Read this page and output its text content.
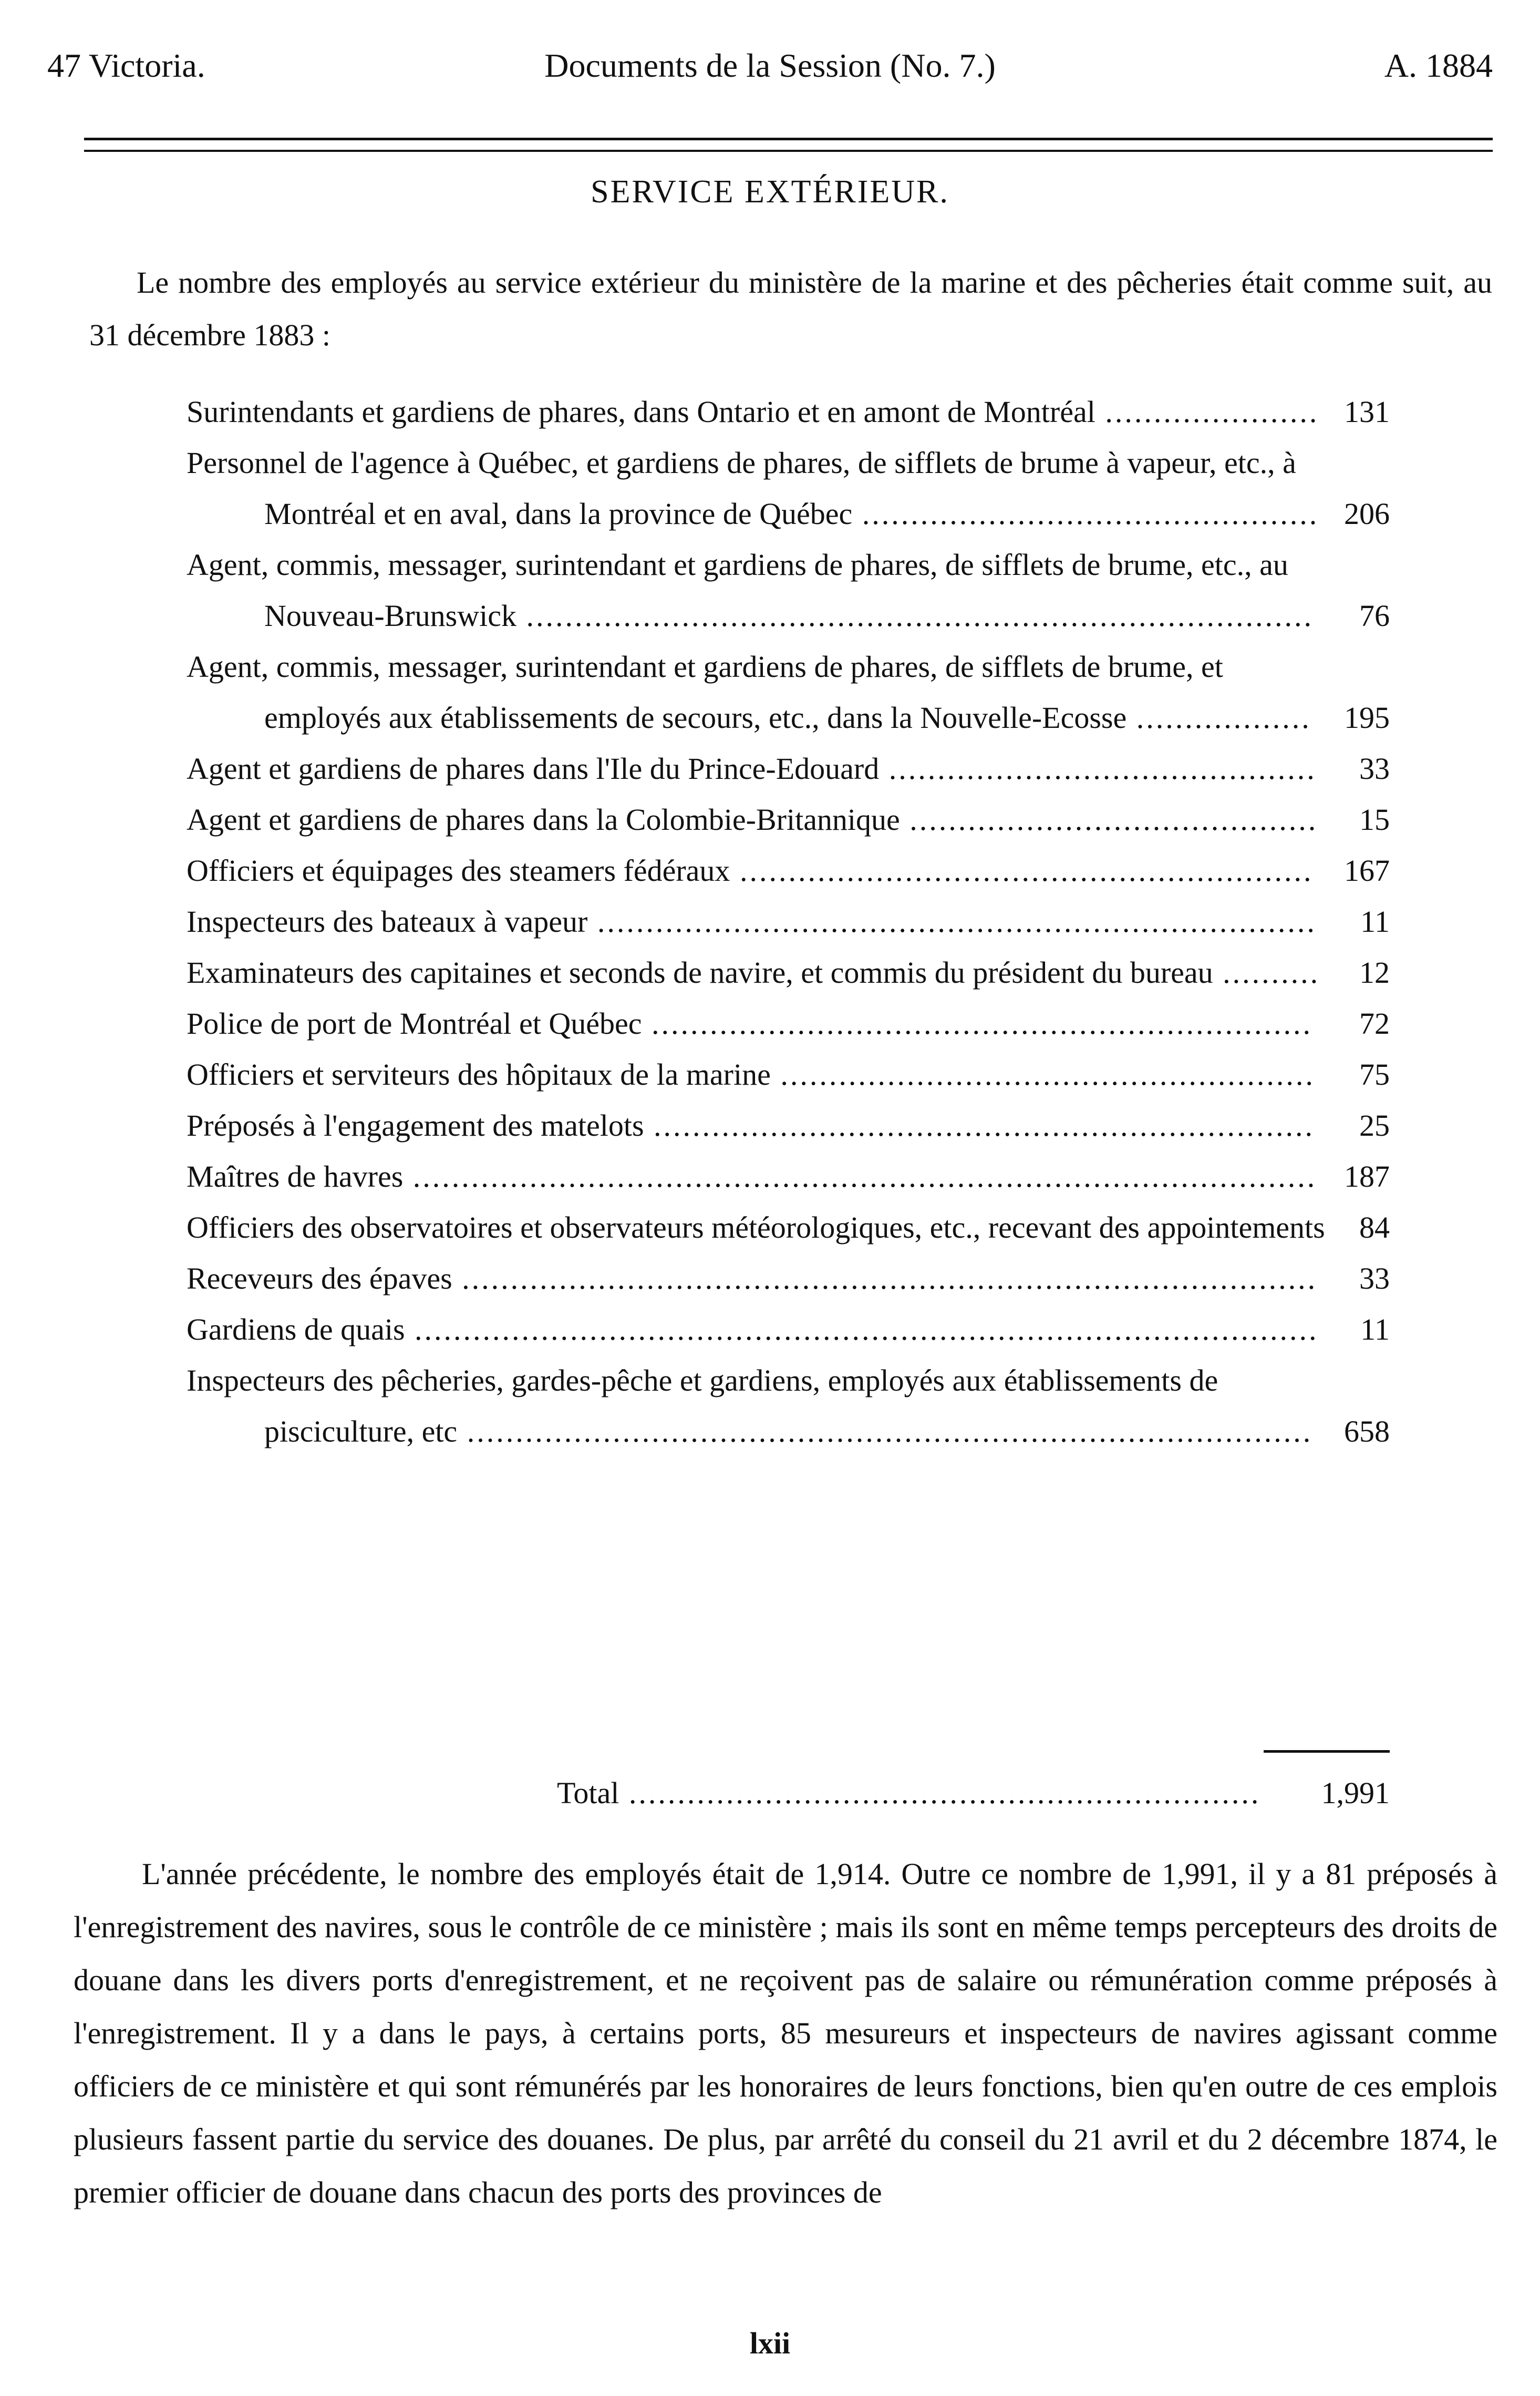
47 Victoria.	Documents de la Session (No. 7.)	A. 1884
SERVICE EXTÉRIEUR.

Le nombre des employés au service extérieur du ministère de la marine et des pêcheries était comme suit, au 31 décembre 1883 :

Surintendants et gardiens de phares, dans Ontario et en amont de Montréal ...................... 131
Personnel de l'agence à Québec, et gardiens de phares, de sifflets de brume à vapeur, etc., à Montréal et en aval, dans la province de Québec ............................................... 206
Agent, commis, messager, surintendant et gardiens de phares, de sifflets de brume, etc., au Nouveau-Brunswick .................................................................................	76
Agent, commis, messager, surintendant et gardiens de phares, de sifflets de brume, et employés aux établissements de secours, etc., dans la Nouvelle-Ecosse ..................	195
Agent et gardiens de phares dans l'Ile du Prince-Edouard ............................................	33
Agent et gardiens de phares dans la Colombie-Britannique ..........................................	15
Officiers et équipages des steamers fédéraux ...........................................................	167
Inspecteurs des bateaux à vapeur ..........................................................................	11
Examinateurs des capitaines et seconds de navire, et commis du président du bureau ..........	12
Police de port de Montréal et Québec ....................................................................	72
Officiers et serviteurs des hôpitaux de la marine .......................................................	75
Préposés à l'engagement des matelots ....................................................................	25
Maîtres de havres ............................................................................................. 187
Officiers des observatoires et observateurs météorologiques, etc., recevant des appointements	84
Receveurs des épaves ........................................................................................	33
Gardiens de quais .............................................................................................	11
Inspecteurs des pêcheries, gardes-pêche et gardiens, employés aux établissements de pisciculture, etc .......................................................................................	658
Total .....	1,991

L'année précédente, le nombre des employés était de 1,914. Outre ce nombre de 1,991, il y a 81 préposés à l'enregistrement des navires, sous le contrôle de ce ministère ; mais ils sont en même temps percepteurs des droits de douane dans les divers ports d'enregistrement, et ne reçoivent pas de salaire ou rémunération comme préposés à l'enregistrement. Il y a dans le pays, à certains ports, 85 mesureurs et inspecteurs de navires agissant comme officiers de ce ministère et qui sont rémunérés par les honoraires de leurs fonctions, bien qu'en outre de ces emplois plusieurs fassent partie du service des douanes. De plus, par arrêté du conseil du 21 avril et du 2 décembre 1874, le premier officier de douane dans chacun des ports des provinces de

lxii
